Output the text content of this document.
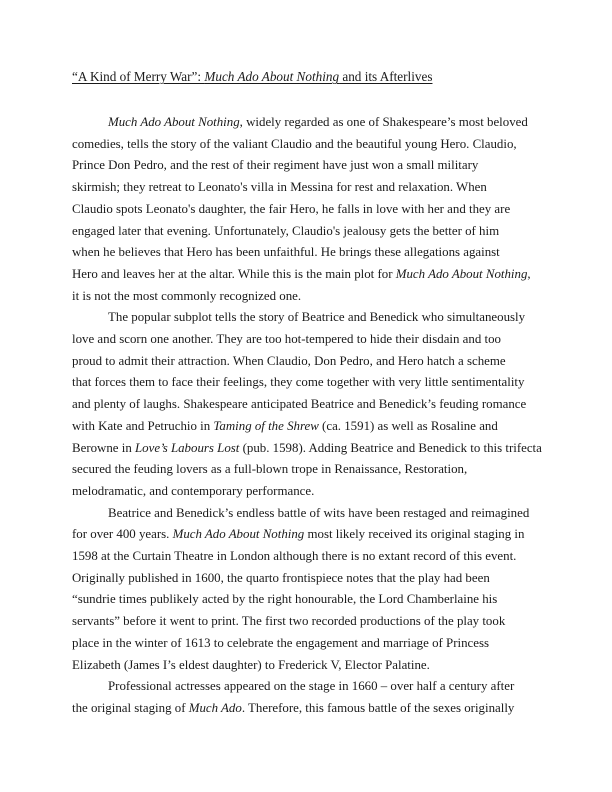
“A Kind of Merry War”: Much Ado About Nothing and its Afterlives
Much Ado About Nothing, widely regarded as one of Shakespeare’s most beloved
comedies, tells the story of the valiant Claudio and the beautiful young Hero. Claudio,
Prince Don Pedro, and the rest of their regiment have just won a small military
skirmish; they retreat to Leonato's villa in Messina for rest and relaxation. When
Claudio spots Leonato's daughter, the fair Hero, he falls in love with her and they are
engaged later that evening. Unfortunately, Claudio's jealousy gets the better of him
when he believes that Hero has been unfaithful. He brings these allegations against
Hero and leaves her at the altar. While this is the main plot for Much Ado About Nothing,
it is not the most commonly recognized one.
The popular subplot tells the story of Beatrice and Benedick who simultaneously
love and scorn one another. They are too hot-tempered to hide their disdain and too
proud to admit their attraction. When Claudio, Don Pedro, and Hero hatch a scheme
that forces them to face their feelings, they come together with very little sentimentality
and plenty of laughs. Shakespeare anticipated Beatrice and Benedick’s feuding romance
with Kate and Petruchio in Taming of the Shrew (ca. 1591) as well as Rosaline and
Berowne in Love’s Labours Lost (pub. 1598). Adding Beatrice and Benedick to this trifecta
secured the feuding lovers as a full-blown trope in Renaissance, Restoration,
melodramatic, and contemporary performance.
Beatrice and Benedick’s endless battle of wits have been restaged and reimagined
for over 400 years. Much Ado About Nothing most likely received its original staging in
1598 at the Curtain Theatre in London although there is no extant record of this event.
Originally published in 1600, the quarto frontispiece notes that the play had been
“sundrie times publikely acted by the right honourable, the Lord Chamberlaine his
servants” before it went to print. The first two recorded productions of the play took
place in the winter of 1613 to celebrate the engagement and marriage of Princess
Elizabeth (James I’s eldest daughter) to Frederick V, Elector Palatine.
Professional actresses appeared on the stage in 1660 – over half a century after
the original staging of Much Ado. Therefore, this famous battle of the sexes originally
